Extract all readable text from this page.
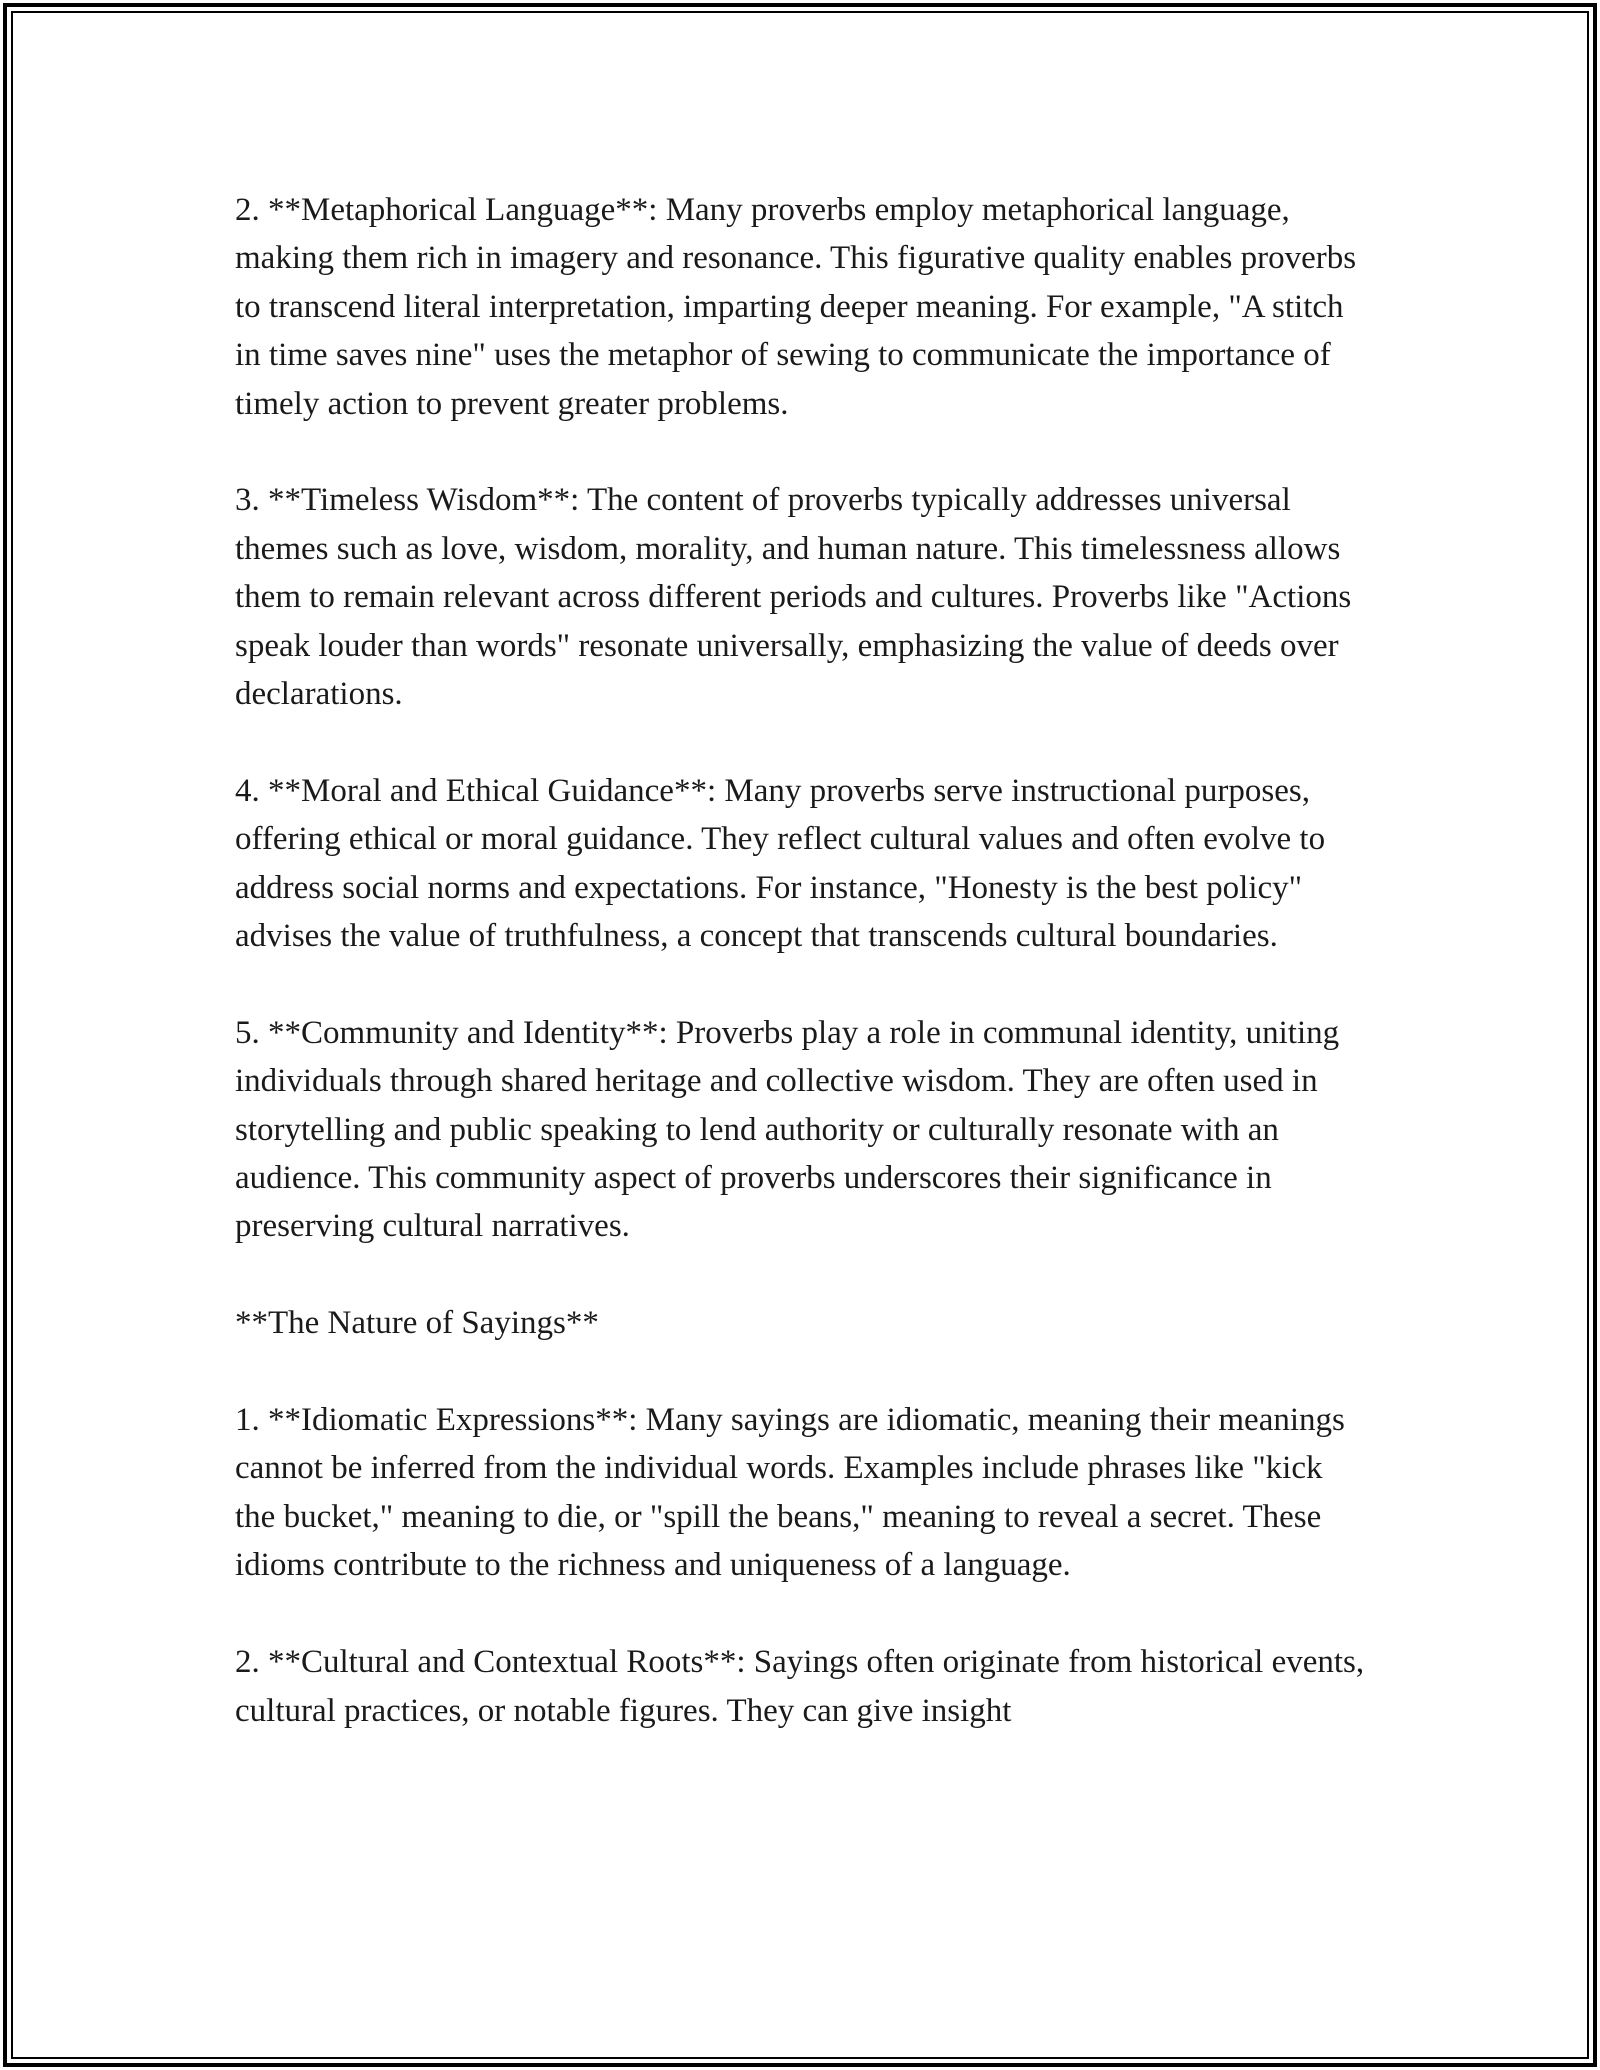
2. **Metaphorical Language**: Many proverbs employ metaphorical language, making them rich in imagery and resonance. This figurative quality enables proverbs to transcend literal interpretation, imparting deeper meaning. For example, "A stitch in time saves nine" uses the metaphor of sewing to communicate the importance of timely action to prevent greater problems.

3. **Timeless Wisdom**: The content of proverbs typically addresses universal themes such as love, wisdom, morality, and human nature. This timelessness allows them to remain relevant across different periods and cultures. Proverbs like "Actions speak louder than words" resonate universally, emphasizing the value of deeds over declarations.

4. **Moral and Ethical Guidance**: Many proverbs serve instructional purposes, offering ethical or moral guidance. They reflect cultural values and often evolve to address social norms and expectations. For instance, "Honesty is the best policy" advises the value of truthfulness, a concept that transcends cultural boundaries.

5. **Community and Identity**: Proverbs play a role in communal identity, uniting individuals through shared heritage and collective wisdom. They are often used in storytelling and public speaking to lend authority or culturally resonate with an audience. This community aspect of proverbs underscores their significance in preserving cultural narratives.

**The Nature of Sayings**

1. **Idiomatic Expressions**: Many sayings are idiomatic, meaning their meanings cannot be inferred from the individual words. Examples include phrases like "kick the bucket," meaning to die, or "spill the beans," meaning to reveal a secret. These idioms contribute to the richness and uniqueness of a language.

2. **Cultural and Contextual Roots**: Sayings often originate from historical events, cultural practices, or notable figures. They can give insight
